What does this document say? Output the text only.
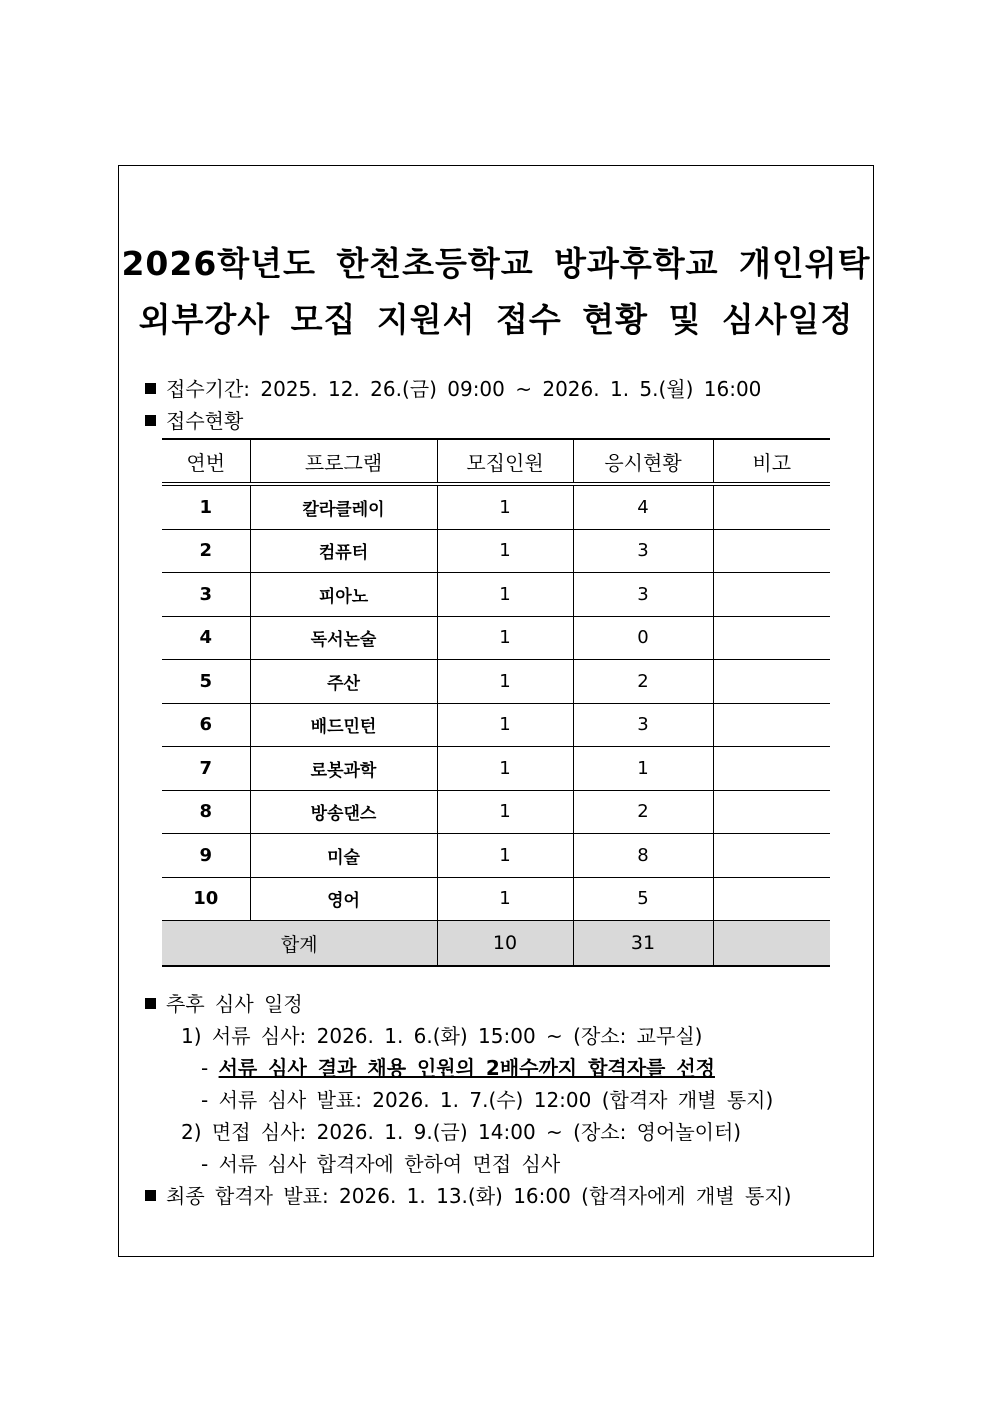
2026학년도 한천초등학교 방과후학교 개인위탁
외부강사 모집 지원서 접수 현황 및 심사일정
접수기간: 2025. 12. 26.(금) 09:00 ~ 2026. 1. 5.(월) 16:00
접수현황
연번	프로그램	모집인원	응시현황	비고
1	칼라클레이	1	4	
2	컴퓨터	1	3	
3	피아노	1	3	
4	독서논술	1	0	
5	주산	1	2	
6	배드민턴	1	3	
7	로봇과학	1	1	
8	방송댄스	1	2	
9	미술	1	8	
10	영어	1	5	
합계		10	31	
추후 심사 일정
1) 서류 심사: 2026. 1. 6.(화) 15:00 ~ (장소: 교무실)
- 서류 심사 결과 채용 인원의 2배수까지 합격자를 선정
- 서류 심사 발표: 2026. 1. 7.(수) 12:00 (합격자 개별 통지)
2) 면접 심사: 2026. 1. 9.(금) 14:00 ~ (장소: 영어놀이터)
- 서류 심사 합격자에 한하여 면접 심사
최종 합격자 발표: 2026. 1. 13.(화) 16:00 (합격자에게 개별 통지)
